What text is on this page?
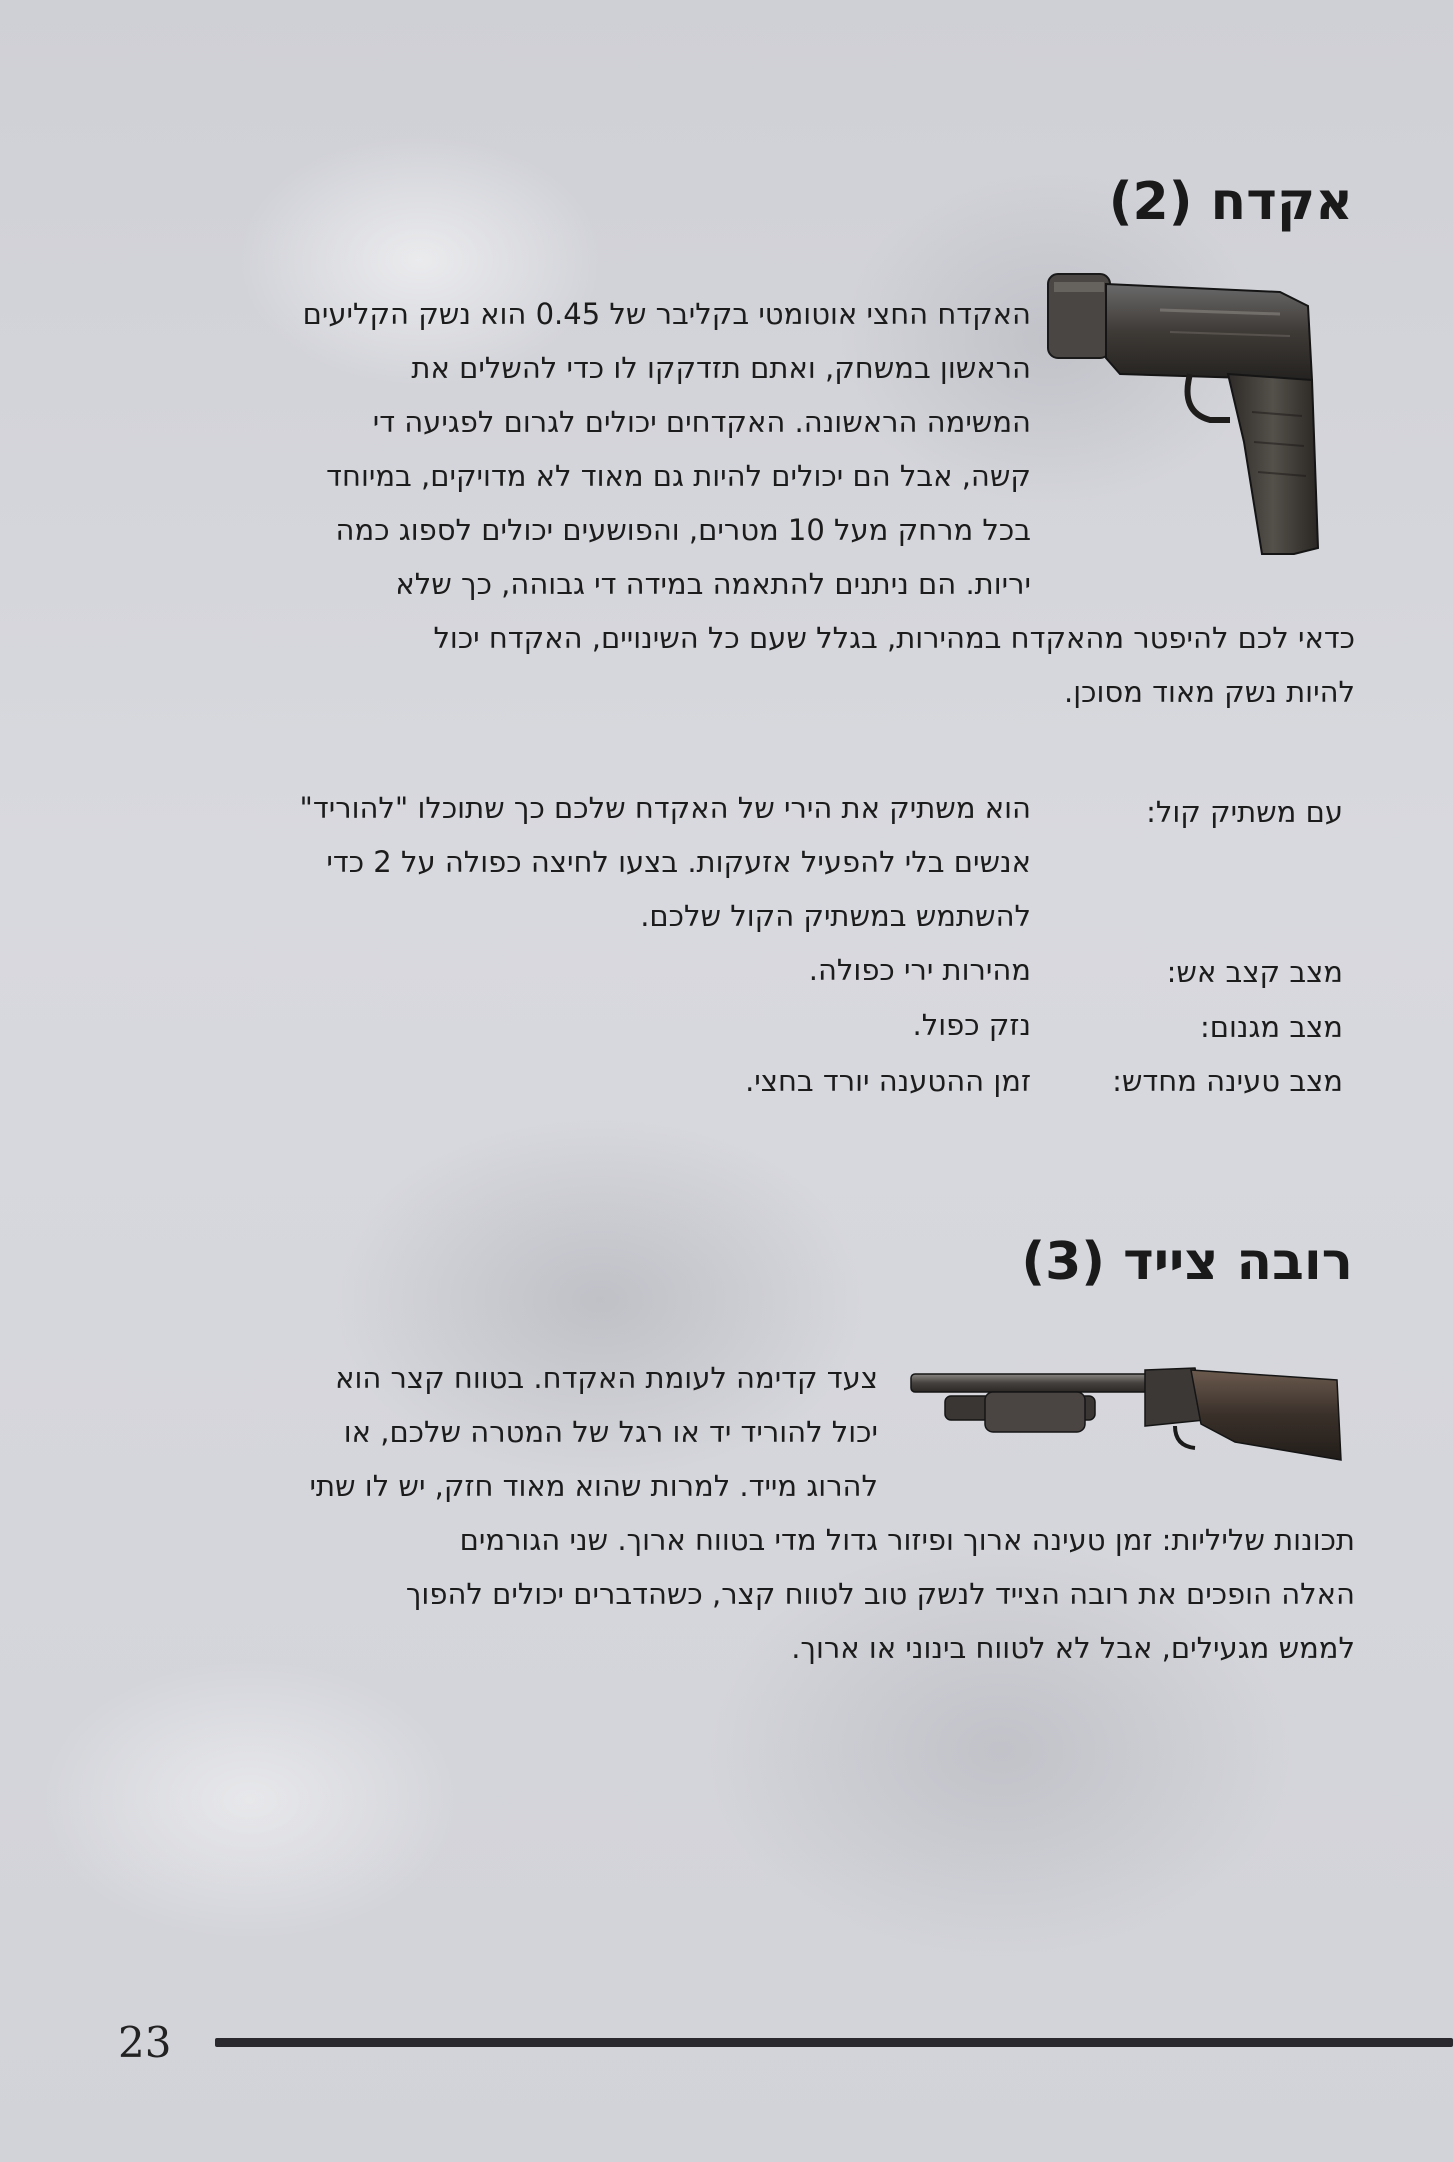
אקדח (2)
האקדח החצי אוטומטי בקליבר של 0.45 הוא נשק הקליעים
הראשון במשחק, ואתם תזדקקו לו כדי להשלים את
המשימה הראשונה. האקדחים יכולים לגרום לפגיעה די
קשה, אבל הם יכולים להיות גם מאוד לא מדויקים, במיוחד
בכל מרחק מעל 10 מטרים, והפושעים יכולים לספוג כמה
יריות. הם ניתנים להתאמה במידה די גבוהה, כך שלא
כדאי לכם להיפטר מהאקדח במהירות, בגלל שעם כל השינויים, האקדח יכול
להיות נשק מאוד מסוכן.
עם משתיק קול:
הוא משתיק את הירי של האקדח שלכם כך שתוכלו "להוריד"
אנשים בלי להפעיל אזעקות. בצעו לחיצה כפולה על 2 כדי
להשתמש במשתיק הקול שלכם.
מצב קצב אש:
מהירות ירי כפולה.
מצב מגנום:
נזק כפול.
מצב טעינה מחדש:
זמן ההטענה יורד בחצי.
רובה צייד (3)
צעד קדימה לעומת האקדח. בטווח קצר הוא
יכול להוריד יד או רגל של המטרה שלכם, או
להרוג מייד. למרות שהוא מאוד חזק, יש לו שתי
תכונות שליליות: זמן טעינה ארוך ופיזור גדול מדי בטווח ארוך. שני הגורמים
האלה הופכים את רובה הצייד לנשק טוב לטווח קצר, כשהדברים יכולים להפוך
לממש מגעילים, אבל לא לטווח בינוני או ארוך.
23
